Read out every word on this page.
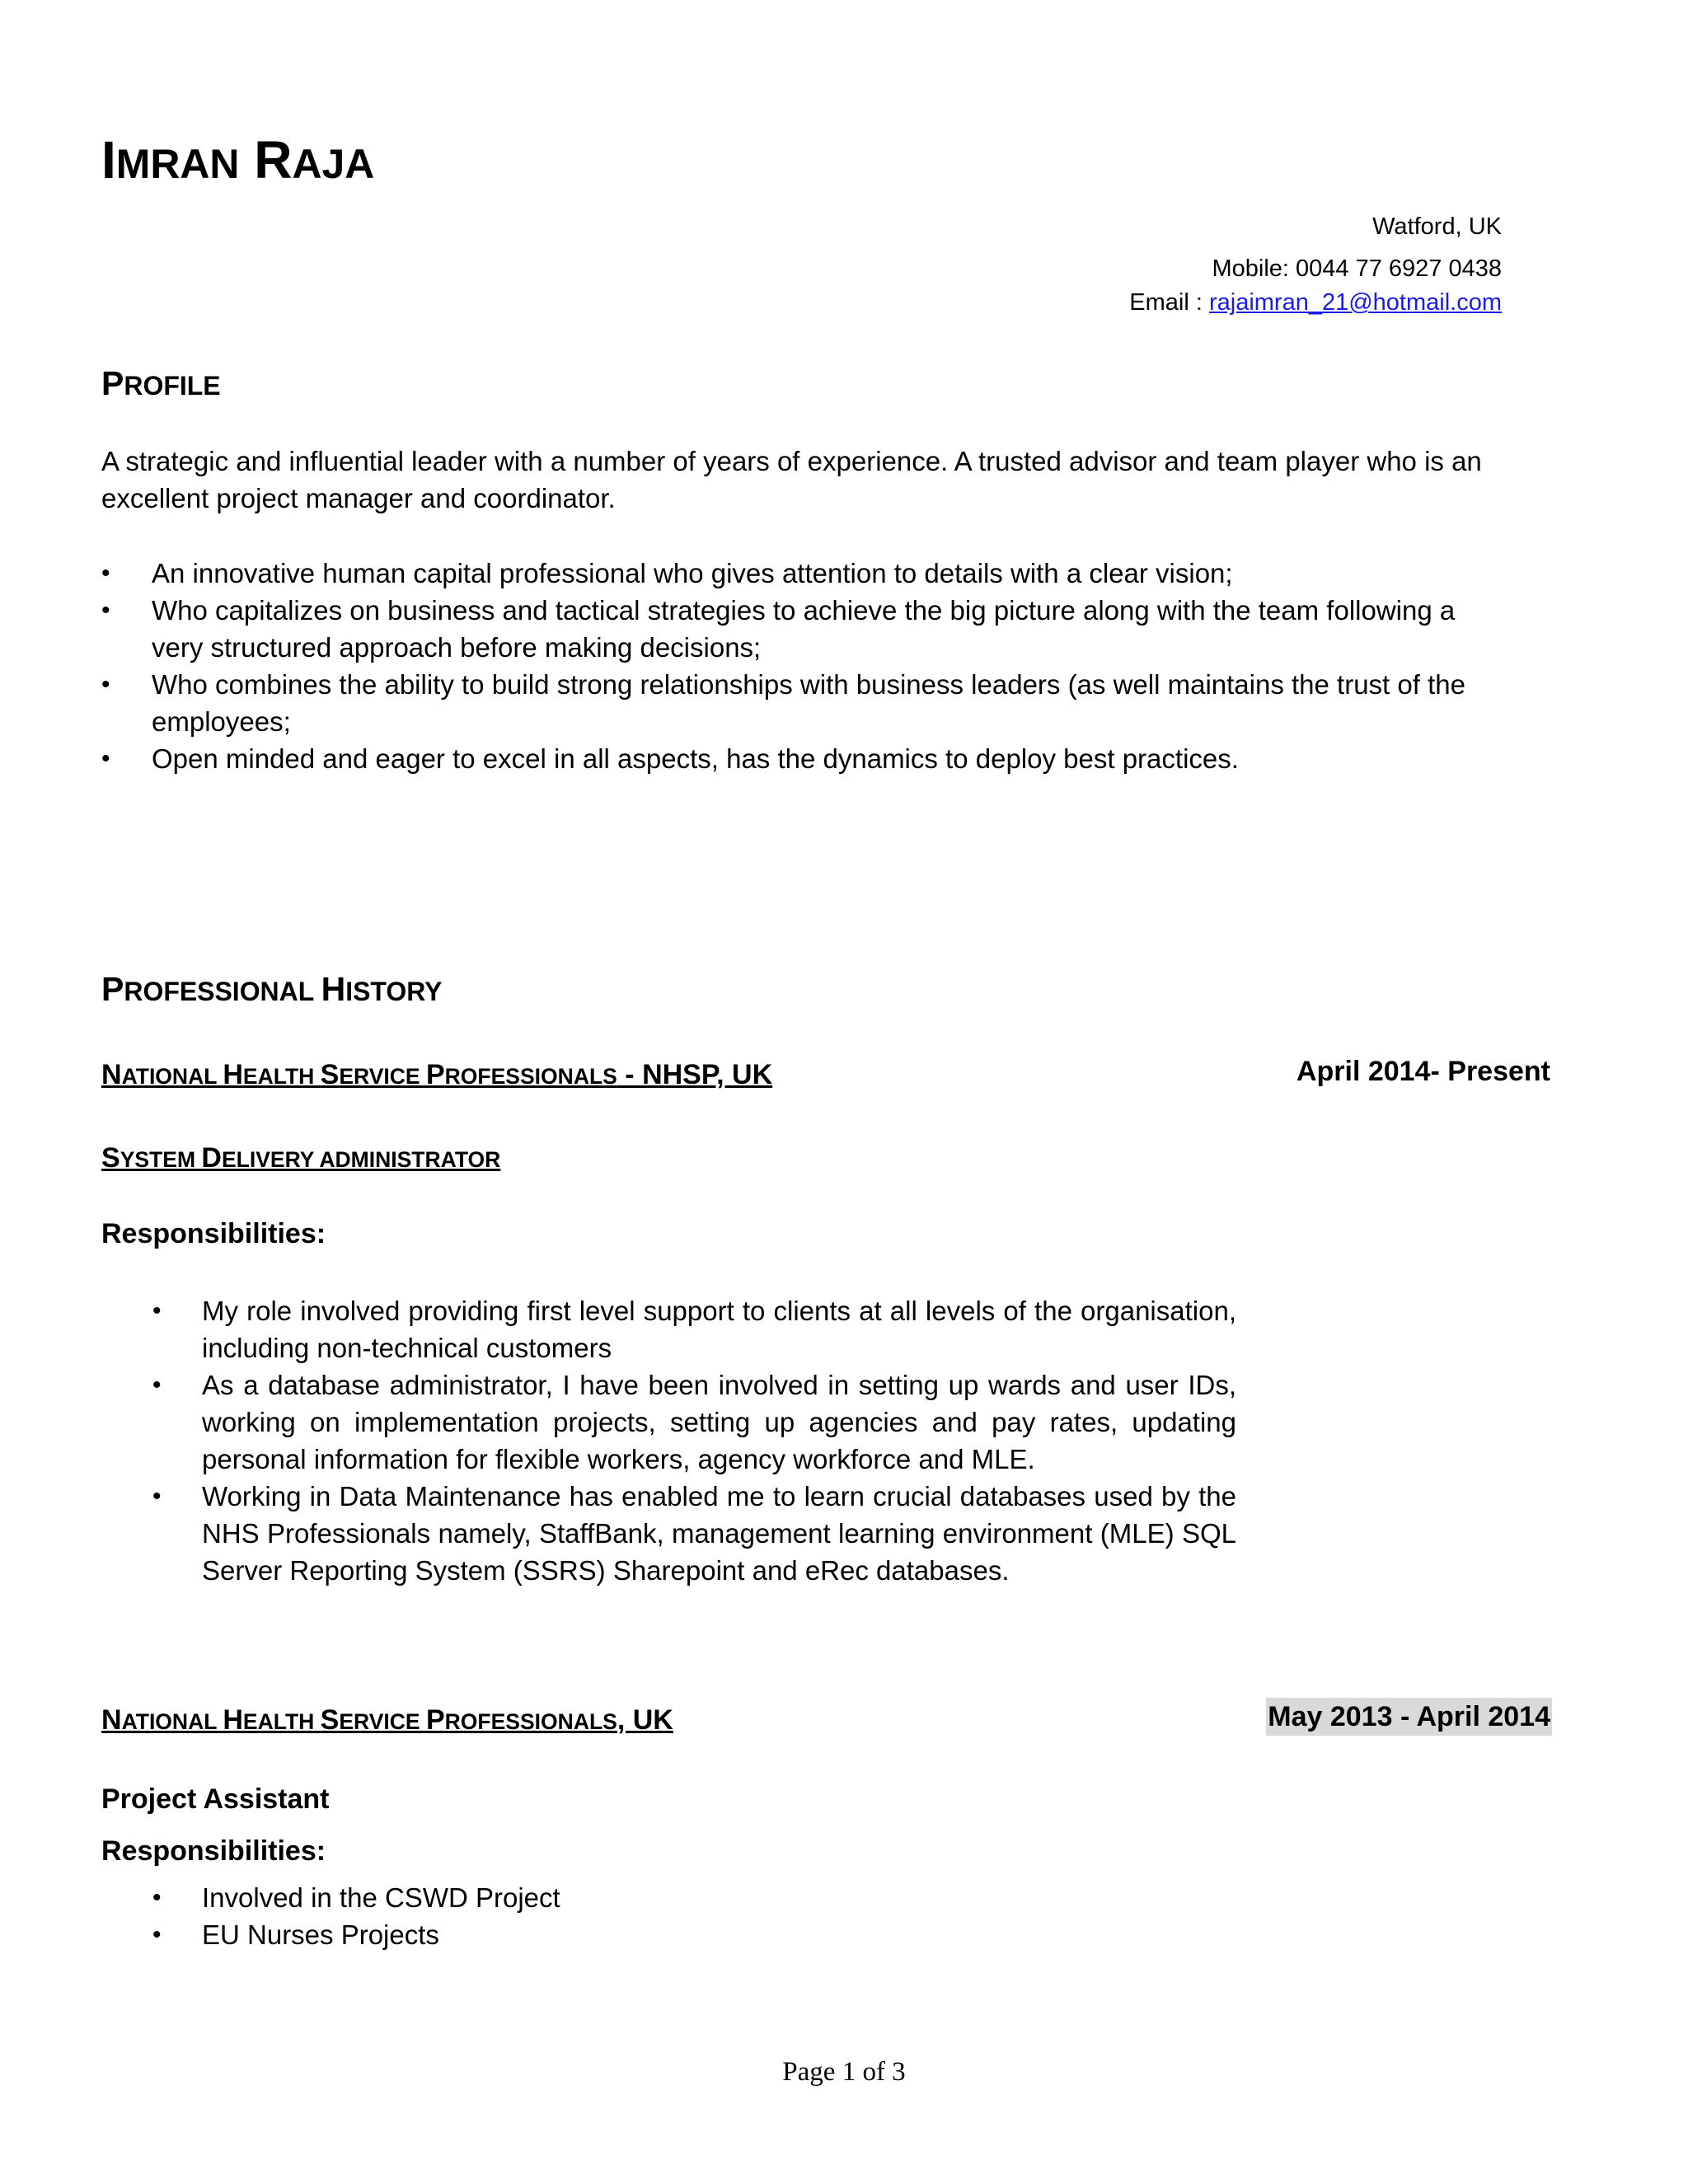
IMRAN RAJA
Watford, UK
Mobile: 0044 77 6927 0438
Email : rajaimran_21@hotmail.com
PROFILE
A strategic and influential leader with a number of years of experience. A trusted advisor and team player who is an excellent project manager and coordinator.
• An innovative human capital professional who gives attention to details with a clear vision;
• Who capitalizes on business and tactical strategies to achieve the big picture along with the team following a very structured approach before making decisions;
• Who combines the ability to build strong relationships with business leaders (as well maintains the trust of the employees;
• Open minded and eager to excel in all aspects, has the dynamics to deploy best practices.
PROFESSIONAL HISTORY
NATIONAL HEALTH SERVICE PROFESSIONALS - NHSP, UK	April 2014- Present
SYSTEM DELIVERY ADMINISTRATOR
Responsibilities:
• My role involved providing first level support to clients at all levels of the organisation, including non-technical customers
• As a database administrator, I have been involved in setting up wards and user IDs, working on implementation projects, setting up agencies and pay rates, updating personal information for flexible workers, agency workforce and MLE.
• Working in Data Maintenance has enabled me to learn crucial databases used by the NHS Professionals namely, StaffBank, management learning environment (MLE) SQL Server Reporting System (SSRS) Sharepoint and eRec databases.
NATIONAL HEALTH SERVICE PROFESSIONALS, UK	May 2013 - April 2014
Project Assistant
Responsibilities:
• Involved in the CSWD Project
• EU Nurses Projects
Page 1 of 3
